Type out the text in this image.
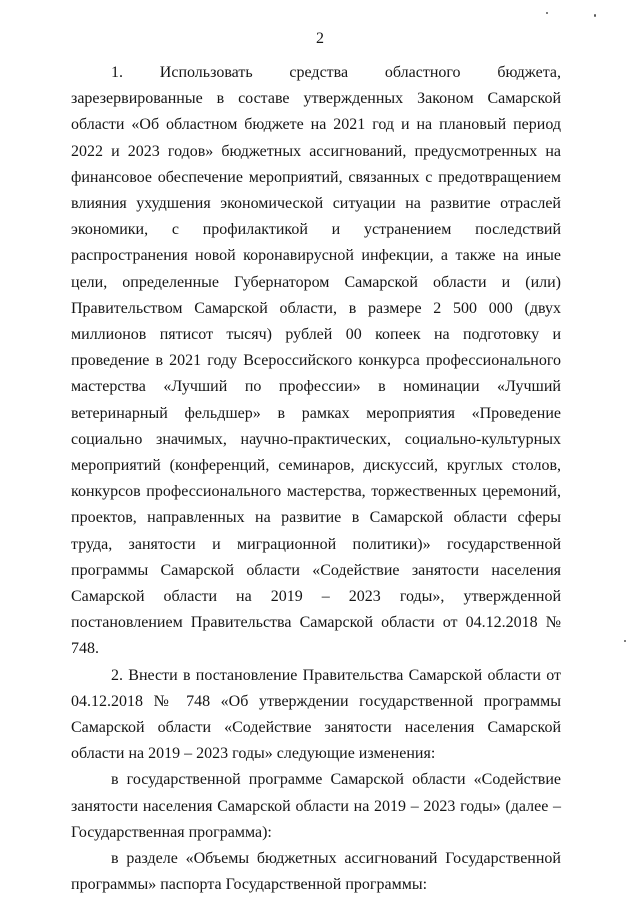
2

1. Использовать средства областного бюджета, зарезервированные в составе утвержденных Законом Самарской области «Об областном бюджете на 2021 год и на плановый период 2022 и 2023 годов» бюджетных ассигнований, предусмотренных на финансовое обеспечение мероприятий, связанных с предотвращением влияния ухудшения экономической ситуации на развитие отраслей экономики, с профилактикой и устранением последствий распространения новой коронавирусной инфекции, а также на иные цели, определенные Губернатором Самарской области и (или) Правительством Самарской области, в размере 2 500 000 (двух миллионов пятисот тысяч) рублей 00 копеек на подготовку и проведение в 2021 году Всероссийского конкурса профессионального мастерства «Лучший по профессии» в номинации «Лучший ветеринарный фельдшер» в рамках мероприятия «Проведение социально значимых, научно-практических, социально-культурных мероприятий (конференций, семинаров, дискуссий, круглых столов, конкурсов профессионального мастерства, торжественных церемоний, проектов, направленных на развитие в Самарской области сферы труда, занятости и миграционной политики)» государственной программы Самарской области «Содействие занятости населения Самарской области на 2019 – 2023 годы», утвержденной постановлением Правительства Самарской области от 04.12.2018 № 748.

2. Внести в постановление Правительства Самарской области от 04.12.2018 № 748 «Об утверждении государственной программы Самарской области «Содействие занятости населения Самарской области на 2019 – 2023 годы» следующие изменения:

в государственной программе Самарской области «Содействие занятости населения Самарской области на 2019 – 2023 годы» (далее – Государственная программа):

в разделе «Объемы бюджетных ассигнований Государственной программы» паспорта Государственной программы:
